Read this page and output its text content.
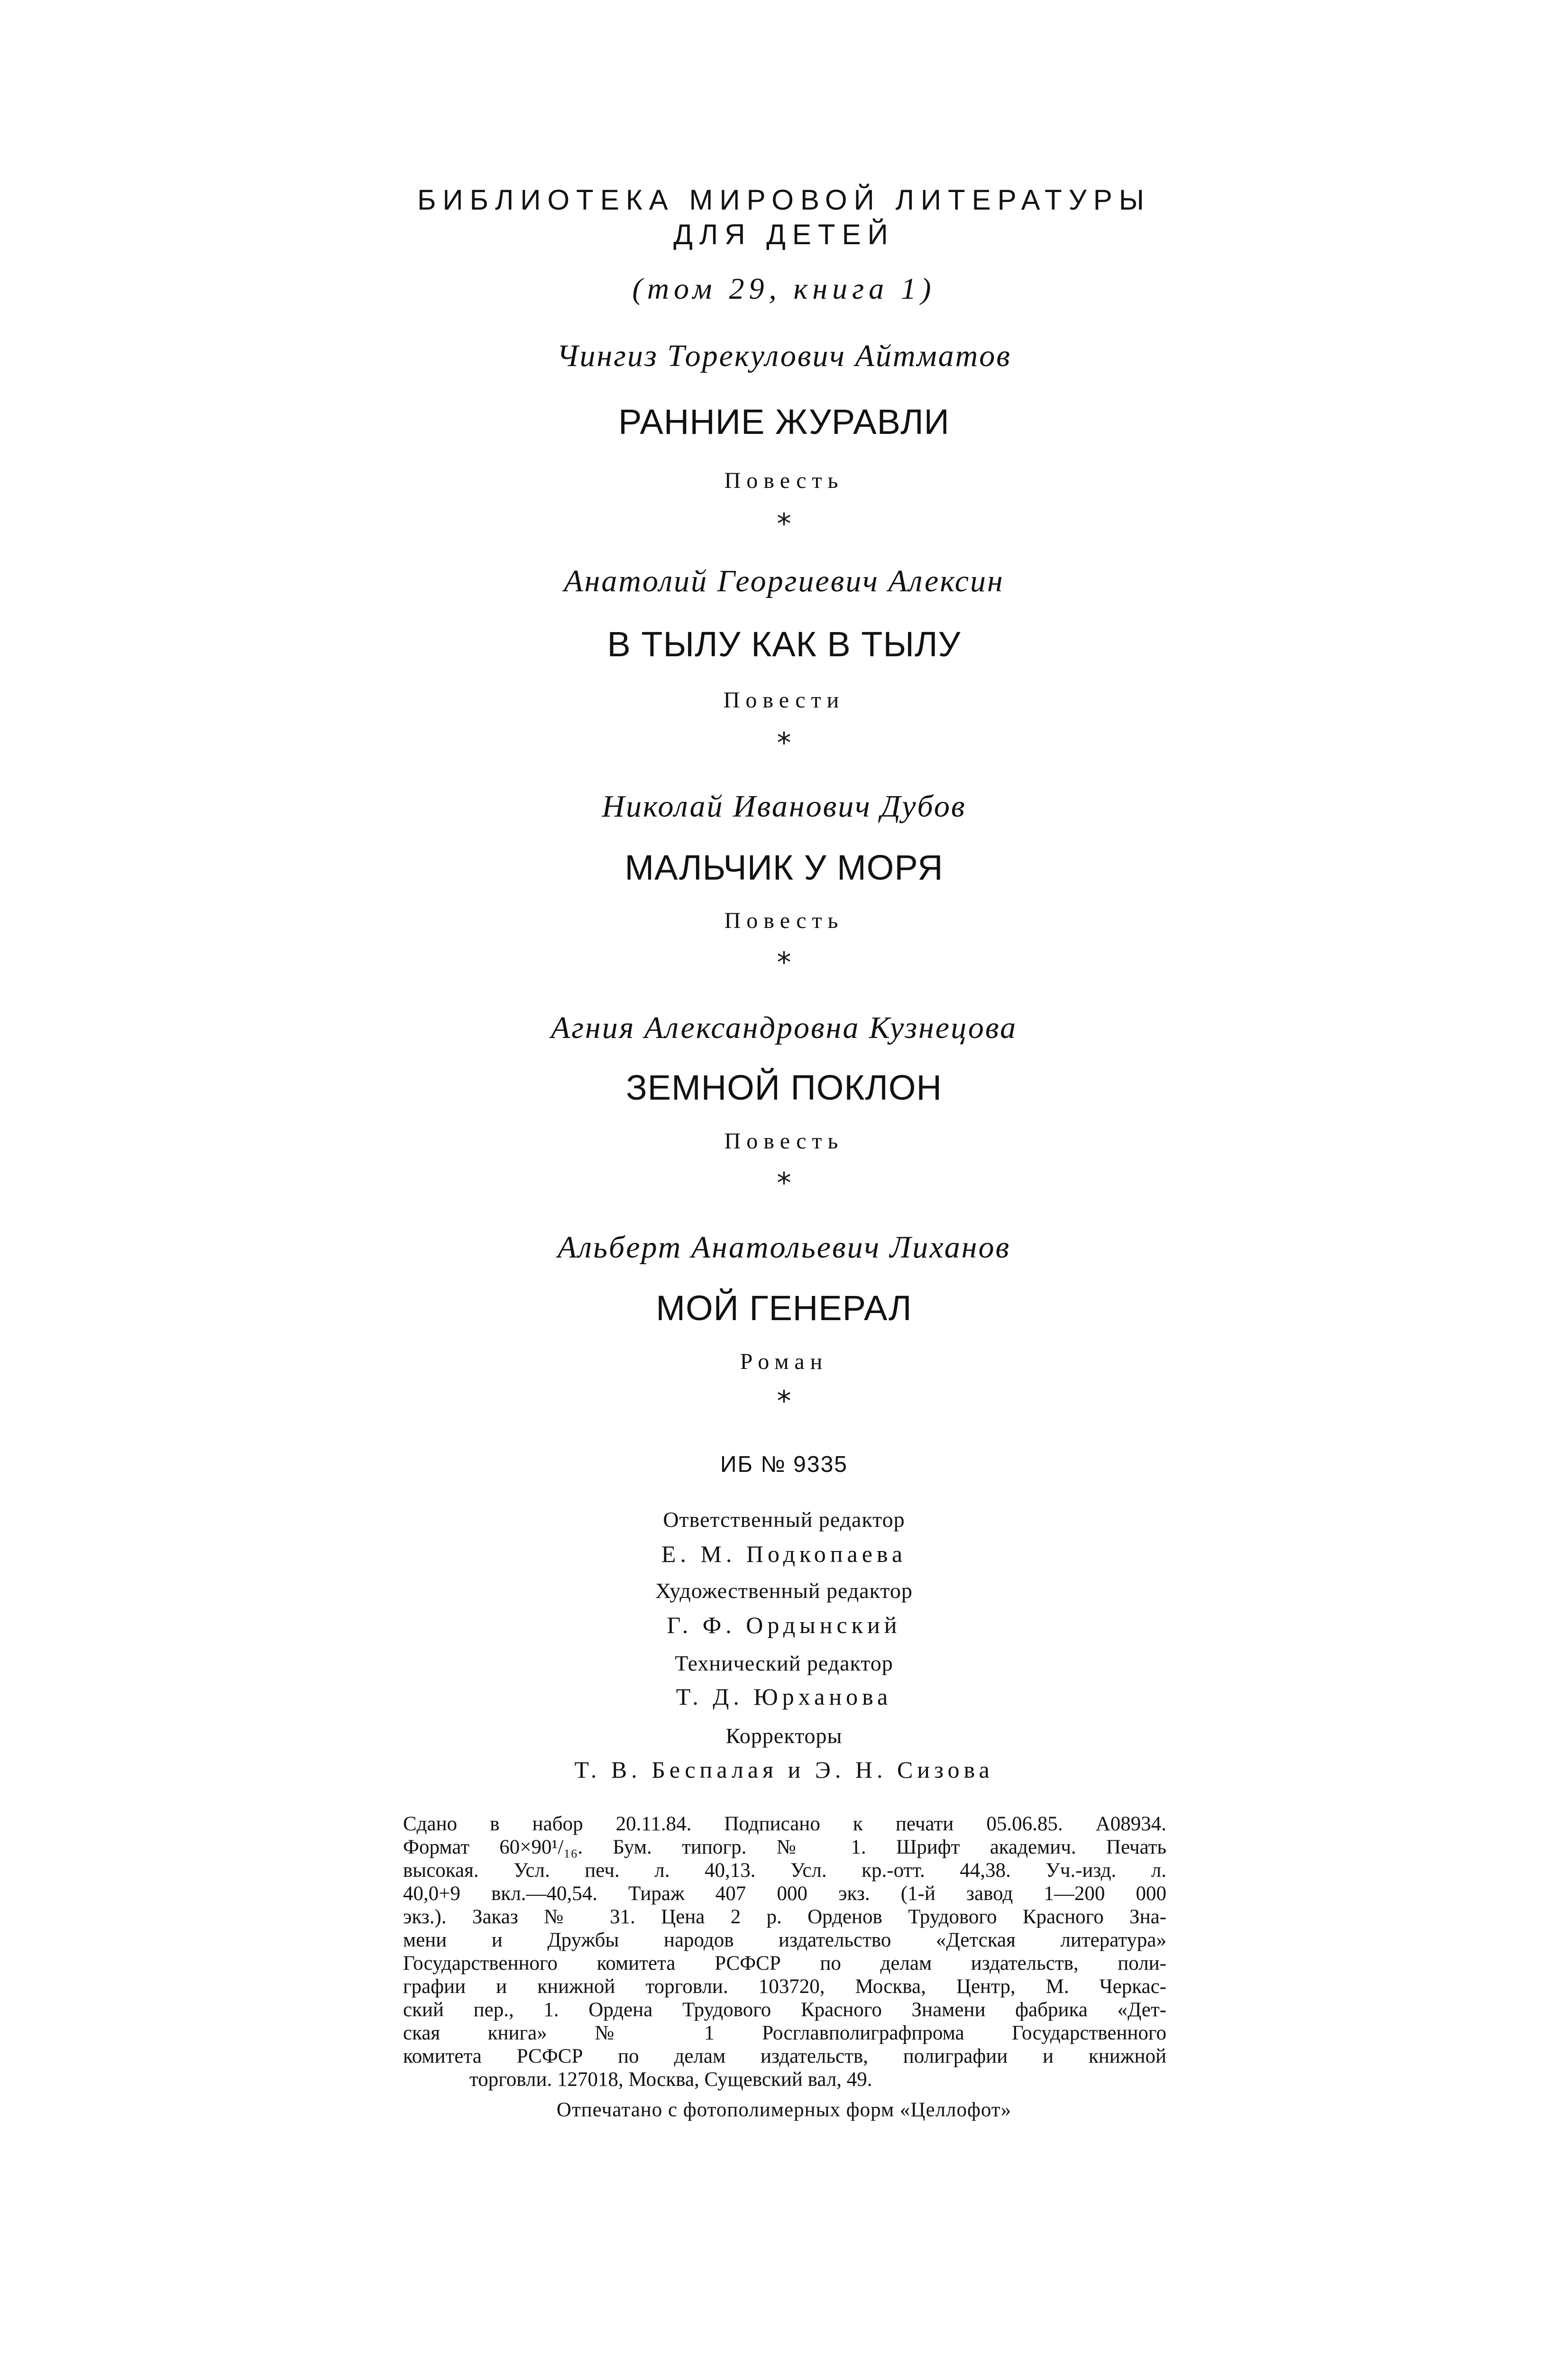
БИБЛИОТЕКА МИРОВОЙ ЛИТЕРАТУРЫ
ДЛЯ ДЕТЕЙ
(том 29, книга 1)
Чингиз Торекулович Айтматов
РАННИЕ ЖУРАВЛИ
Повесть
*
Анатолий Георгиевич Алексин
В ТЫЛУ КАК В ТЫЛУ
Повести
*
Николай Иванович Дубов
МАЛЬЧИК У МОРЯ
Повесть
*
Агния Александровна Кузнецова
ЗЕМНОЙ ПОКЛОН
Повесть
*
Альберт Анатольевич Лиханов
МОЙ ГЕНЕРАЛ
Роман
*
ИБ № 9335
Ответственный редактор
Е. М. Подкопаева
Художественный редактор
Г. Ф. Ордынский
Технический редактор
Т. Д. Юрханова
Корректоры
Т. В. Беспалая и Э. Н. Сизова
Сдано в набор 20.11.84. Подписано к печати 05.06.85. А08934.
Формат 60×90¹/₁₆. Бум. типогр. № 1. Шрифт академич. Печать
высокая. Усл. печ. л. 40,13. Усл. кр.-отт. 44,38. Уч.-изд. л.
40,0+9 вкл.—40,54. Тираж 407 000 экз. (1-й завод 1—200 000
экз.). Заказ № 31. Цена 2 р. Орденов Трудового Красного Зна-
мени и Дружбы народов издательство «Детская литература»
Государственного комитета РСФСР по делам издательств, поли-
графии и книжной торговли. 103720, Москва, Центр, М. Черкас-
ский пер., 1. Ордена Трудового Красного Знамени фабрика «Дет-
ская книга» № 1 Росглавполиграфпрома Государственного
комитета РСФСР по делам издательств, полиграфии и книжной
торговли. 127018, Москва, Сущевский вал, 49.
Отпечатано с фотополимерных форм «Целлофот»
